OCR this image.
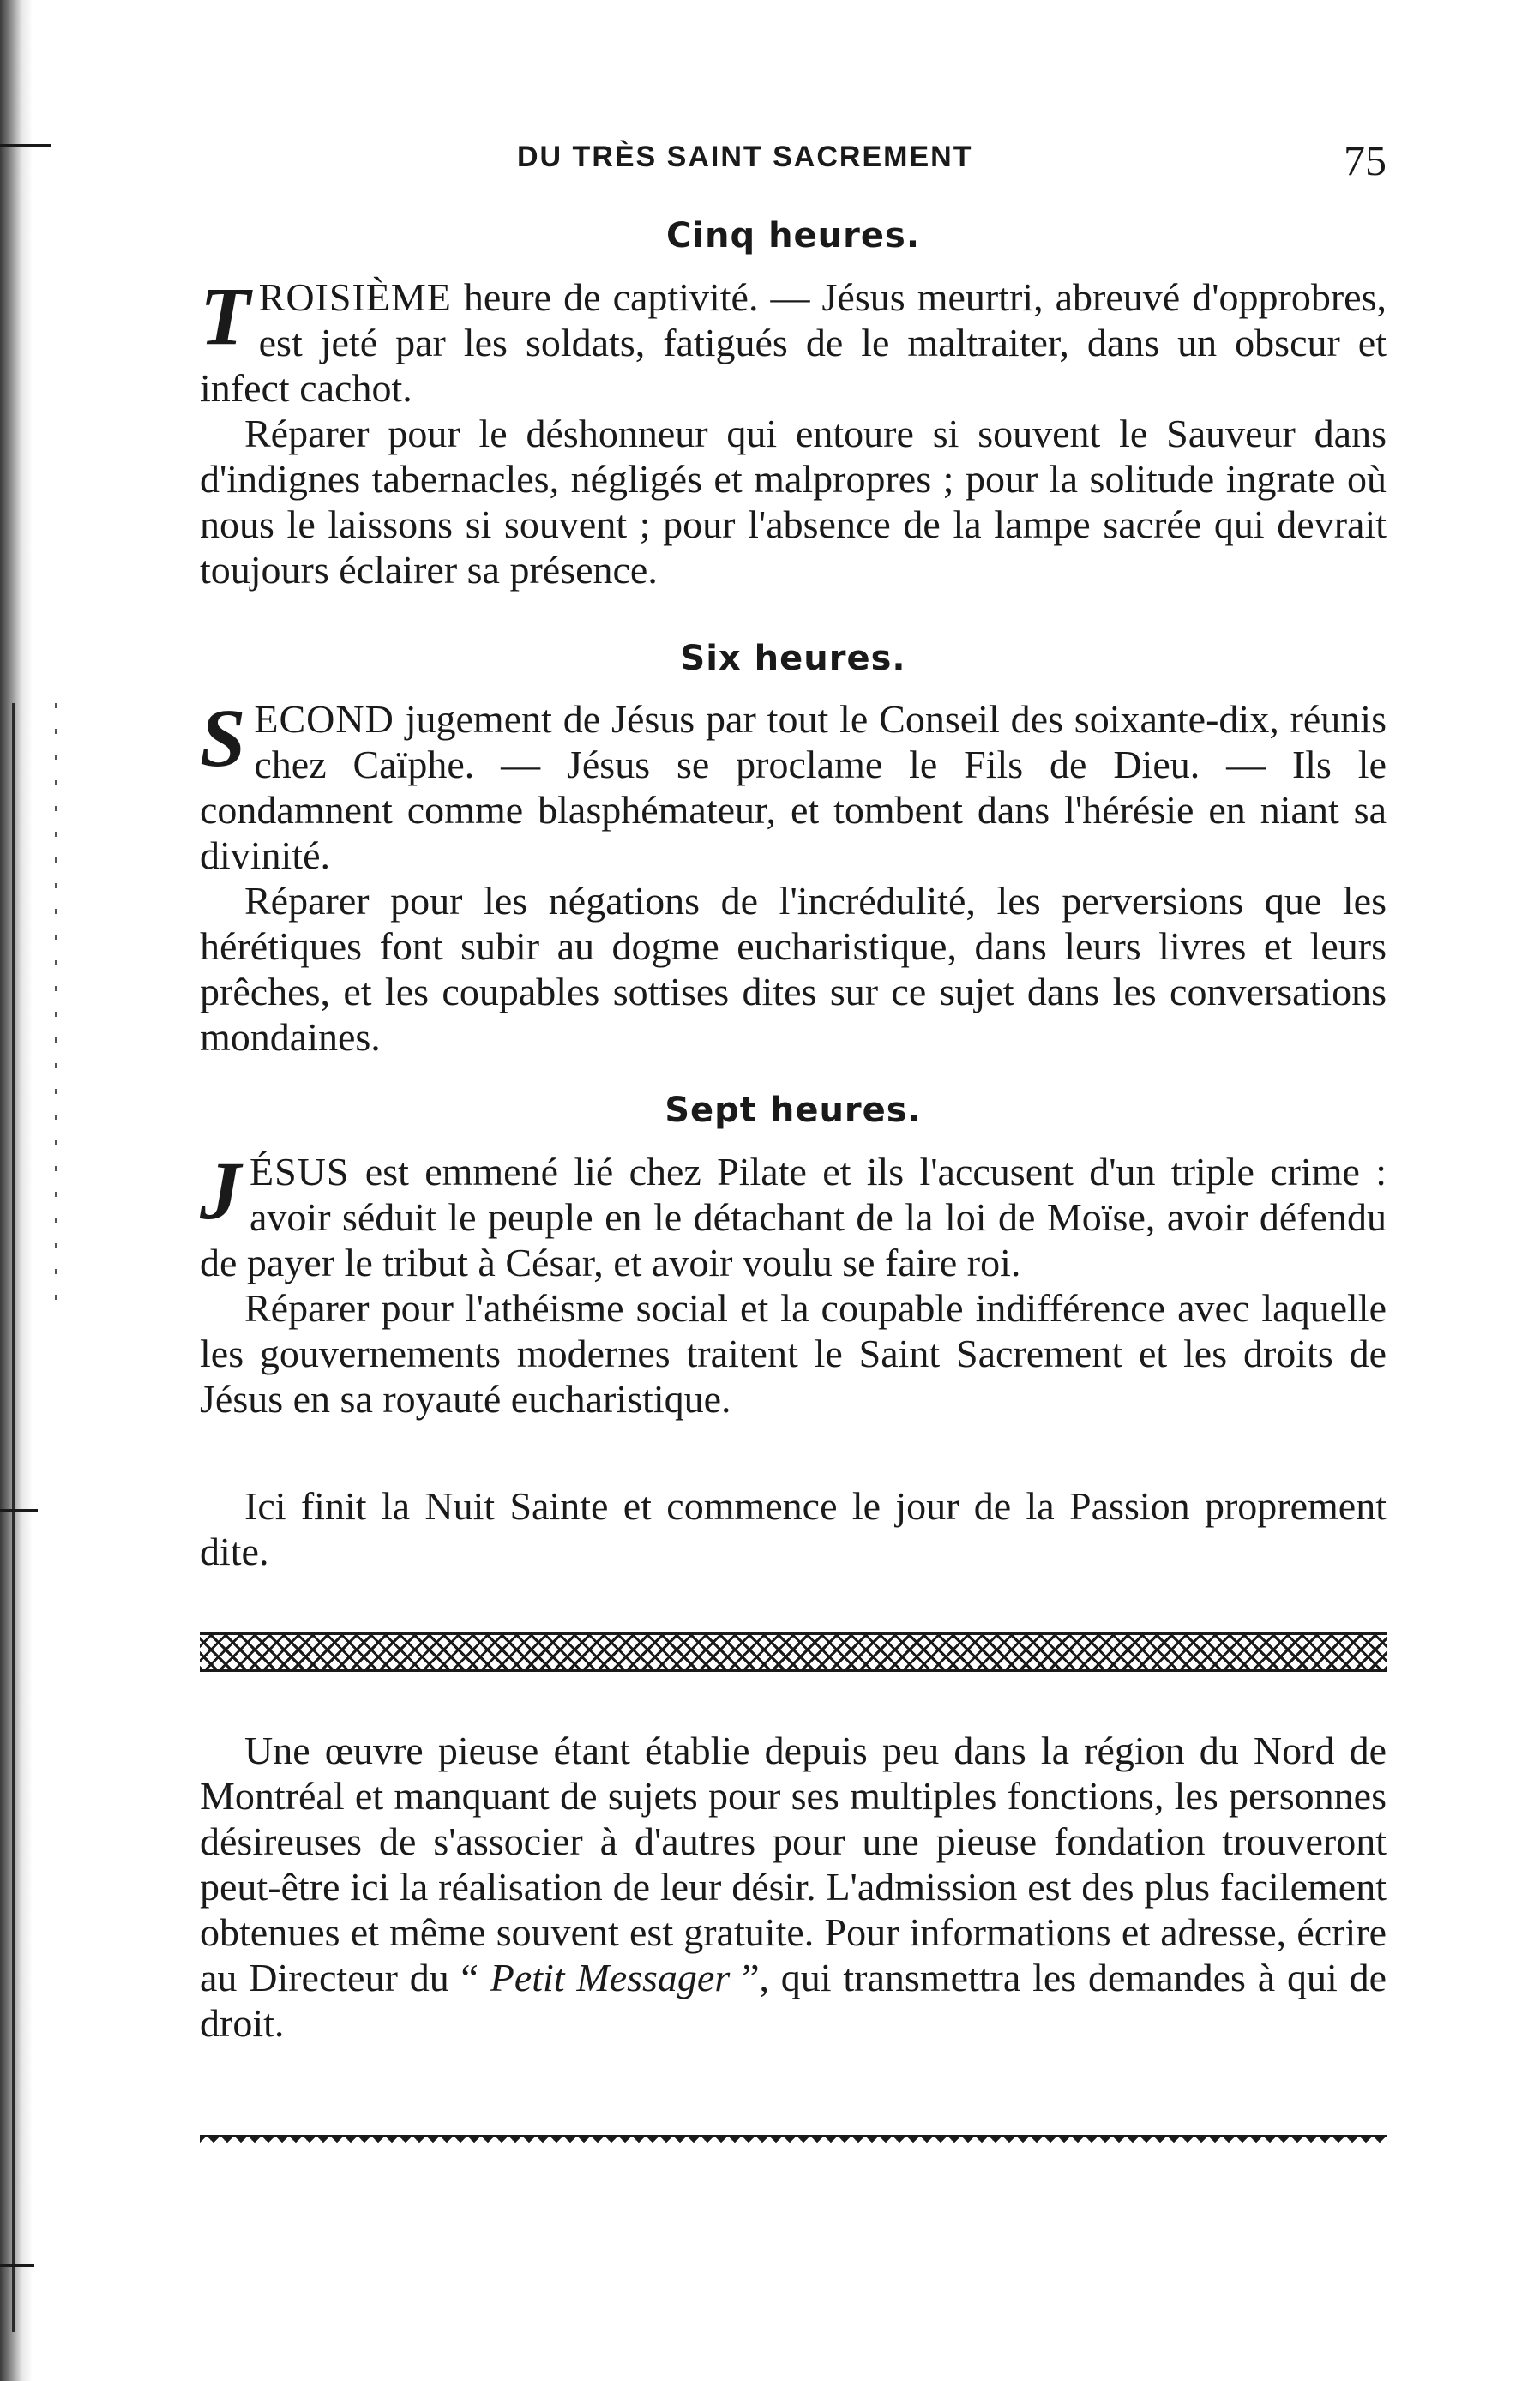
DU TRÈS SAINT SACREMENT	75
Cinq heures.

TROISIÈME heure de captivité. — Jésus meurtri, abreuvé d'opprobres, est jeté par les soldats, fatigués de le maltraiter, dans un obscur et infect cachot.

Réparer pour le déshonneur qui entoure si souvent le Sauveur dans d'indignes tabernacles, négligés et malpropres ; pour la solitude ingrate où nous le laissons si souvent ; pour l'absence de la lampe sacrée qui devrait toujours éclairer sa présence.

Six heures.

SECOND jugement de Jésus par tout le Conseil des soixante-dix, réunis chez Caïphe. — Jésus se proclame le Fils de Dieu. — Ils le condamnent comme blasphémateur, et tombent dans l'hérésie en niant sa divinité.

Réparer pour les négations de l'incrédulité, les perversions que les hérétiques font subir au dogme eucharistique, dans leurs livres et leurs prêches, et les coupables sottises dites sur ce sujet dans les conversations mondaines.

Sept heures.

JÉSUS est emmené lié chez Pilate et ils l'accusent d'un triple crime : avoir séduit le peuple en le détachant de la loi de Moïse, avoir défendu de payer le tribut à César, et avoir voulu se faire roi.

Réparer pour l'athéisme social et la coupable indifférence avec laquelle les gouvernements modernes traitent le Saint Sacrement et les droits de Jésus en sa royauté eucharistique.

Ici finit la Nuit Sainte et commence le jour de la Passion proprement dite.

Une œuvre pieuse étant établie depuis peu dans la région du Nord de Montréal et manquant de sujets pour ses multiples fonctions, les personnes désireuses de s'associer à d'autres pour une pieuse fondation trouveront peut-être ici la réalisation de leur désir. L'admission est des plus facilement obtenues et même souvent est gratuite. Pour informations et adresse, écrire au Directeur du “ Petit Messager ”, qui transmettra les demandes à qui de droit.
